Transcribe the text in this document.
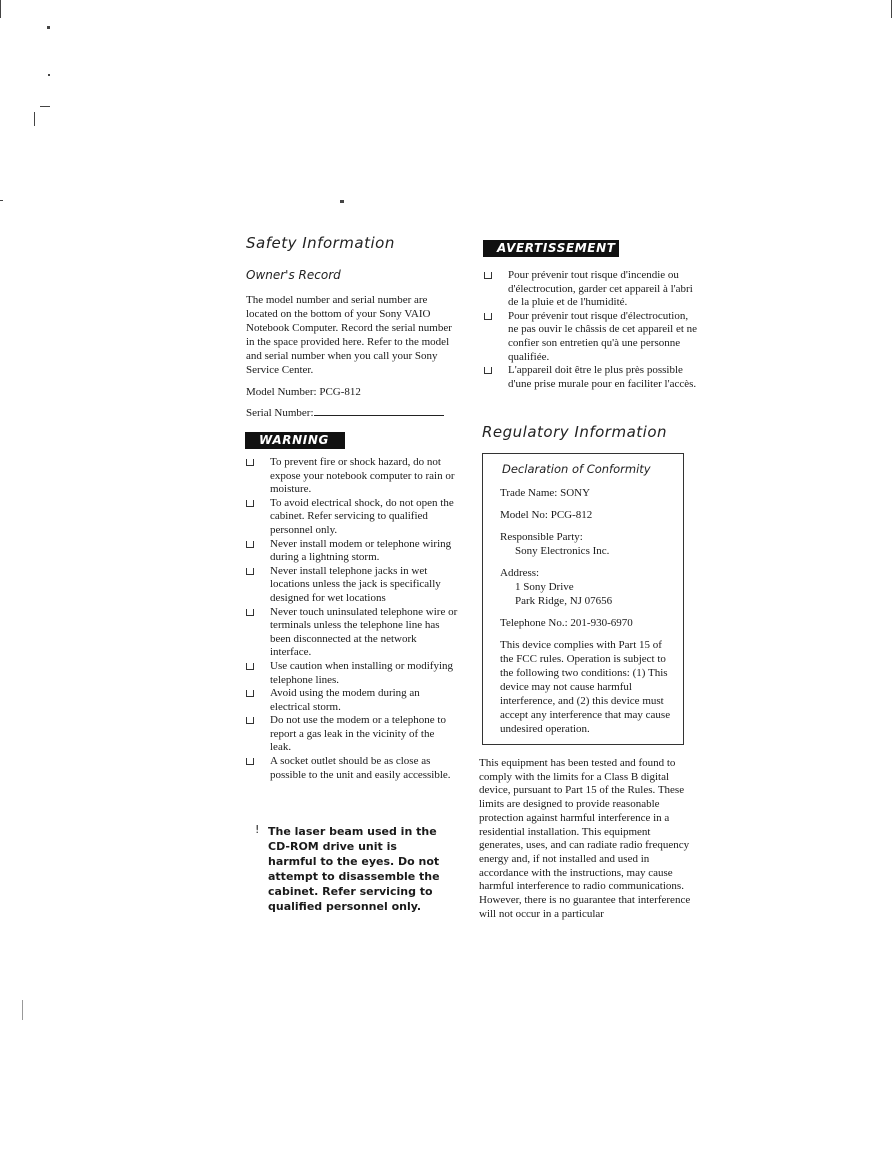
Safety Information
Owner's Record
The model number and serial number are located on the bottom of your Sony VAIO Notebook Computer. Record the serial number in the space provided here. Refer to the model and serial number when you call your Sony Service Center.
Model Number: PCG-812
Serial Number:
WARNING
To prevent fire or shock hazard, do not expose your notebook computer to rain or moisture.
To avoid electrical shock, do not open the cabinet. Refer servicing to qualified personnel only.
Never install modem or telephone wiring during a lightning storm.
Never install telephone jacks in wet locations unless the jack is specifically designed for wet locations
Never touch uninsulated telephone wire or terminals unless the telephone line has been disconnected at the network interface.
Use caution when installing or modifying telephone lines.
Avoid using the modem during an electrical storm.
Do not use the modem or a telephone to report a gas leak in the vicinity of the leak.
A socket outlet should be as close as possible to the unit and easily accessible.
! The laser beam used in the CD-ROM drive unit is harmful to the eyes. Do not attempt to disassemble the cabinet. Refer servicing to qualified personnel only.
AVERTISSEMENT
Pour prévenir tout risque d'incendie ou d'électrocution, garder cet appareil à l'abri de la pluie et de l'humidité.
Pour prévenir tout risque d'électrocution, ne pas ouvir le châssis de cet appareil et ne confier son entretien qu'à une personne qualifiée.
L'appareil doit être le plus près possible d'une prise murale pour en faciliter l'accès.
Regulatory Information
Declaration of Conformity
Trade Name: SONY
Model No: PCG-812
Responsible Party:
Sony Electronics Inc.
Address:
1 Sony Drive
Park Ridge, NJ 07656
Telephone No.: 201-930-6970
This device complies with Part 15 of the FCC rules. Operation is subject to the following two conditions: (1) This device may not cause harmful interference, and (2) this device must accept any interference that may cause undesired operation.
This equipment has been tested and found to comply with the limits for a Class B digital device, pursuant to Part 15 of the Rules. These limits are designed to provide reasonable protection against harmful interference in a residential installation. This equipment generates, uses, and can radiate radio frequency energy and, if not installed and used in accordance with the instructions, may cause harmful interference to radio communications. However, there is no guarantee that interference will not occur in a particular
